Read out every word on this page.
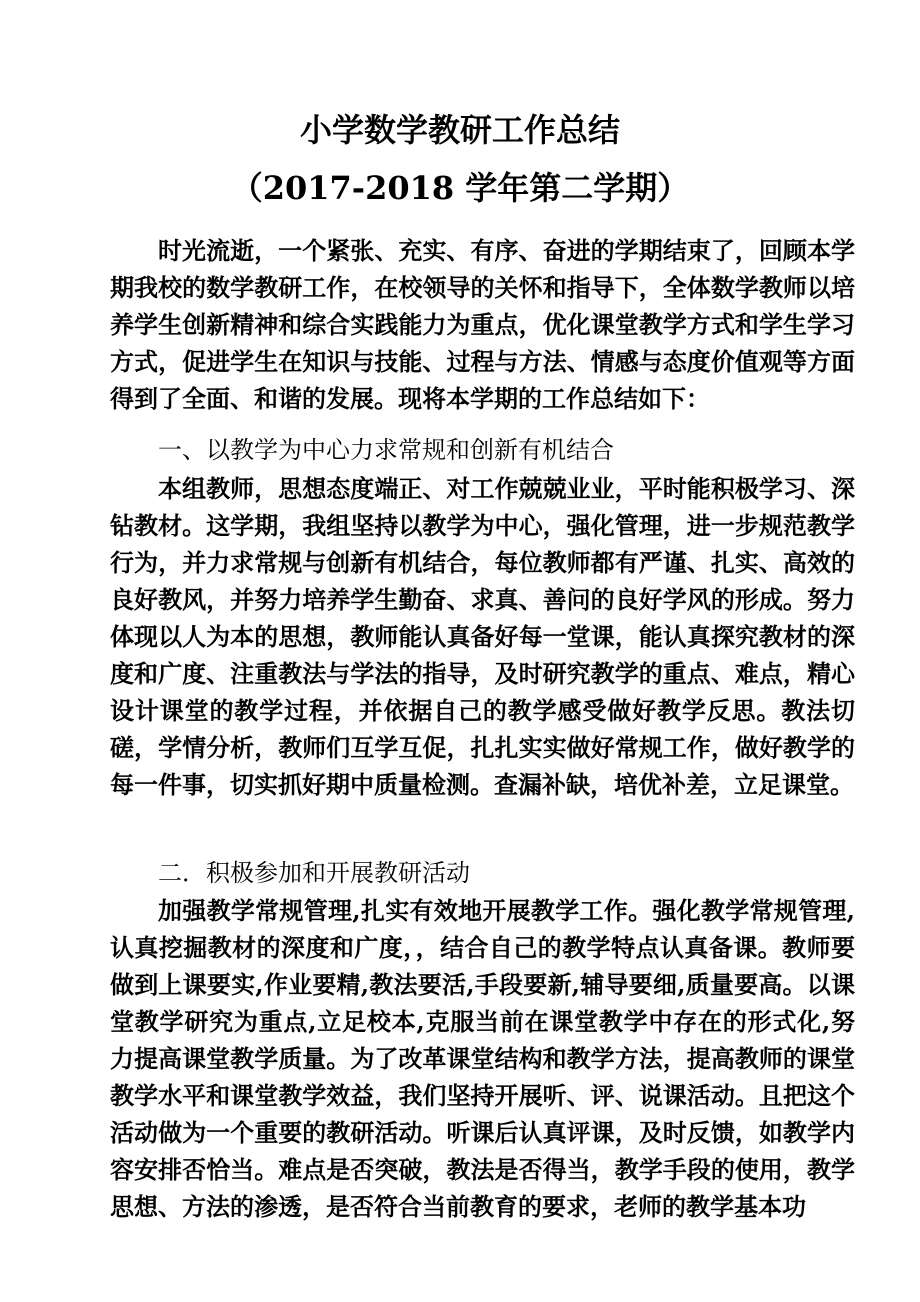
小学数学教研工作总结
（2017-2018 学年第二学期）

时光流逝，一个紧张、充实、有序、奋进的学期结束了，回顾本学期我校的数学教研工作，在校领导的关怀和指导下，全体数学教师以培养学生创新精神和综合实践能力为重点，优化课堂教学方式和学生学习方式，促进学生在知识与技能、过程与方法、情感与态度价值观等方面得到了全面、和谐的发展。现将本学期的工作总结如下：

一、以教学为中心力求常规和创新有机结合

本组教师，思想态度端正、对工作兢兢业业，平时能积极学习、深钻教材。这学期，我组坚持以教学为中心，强化管理，进一步规范教学行为，并力求常规与创新有机结合，每位教师都有严谨、扎实、高效的良好教风，并努力培养学生勤奋、求真、善问的良好学风的形成。努力体现以人为本的思想，教师能认真备好每一堂课，能认真探究教材的深度和广度、注重教法与学法的指导，及时研究教学的重点、难点，精心设计课堂的教学过程，并依据自己的教学感受做好教学反思。教法切磋，学情分析，教师们互学互促，扎扎实实做好常规工作，做好教学的每一件事，切实抓好期中质量检测。查漏补缺，培优补差，立足课堂。

二．积极参加和开展教研活动

加强教学常规管理,扎实有效地开展教学工作。强化教学常规管理,认真挖掘教材的深度和广度，，结合自己的教学特点认真备课。教师要做到上课要实,作业要精,教法要活,手段要新,辅导要细,质量要高。以课堂教学研究为重点,立足校本,克服当前在课堂教学中存在的形式化,努力提高课堂教学质量。为了改革课堂结构和教学方法，提高教师的课堂教学水平和课堂教学效益，我们坚持开展听、评、说课活动。且把这个活动做为一个重要的教研活动。听课后认真评课，及时反馈，如教学内容安排否恰当。难点是否突破，教法是否得当，教学手段的使用，教学思想、方法的渗透，是否符合当前教育的要求，老师的教学基本功
